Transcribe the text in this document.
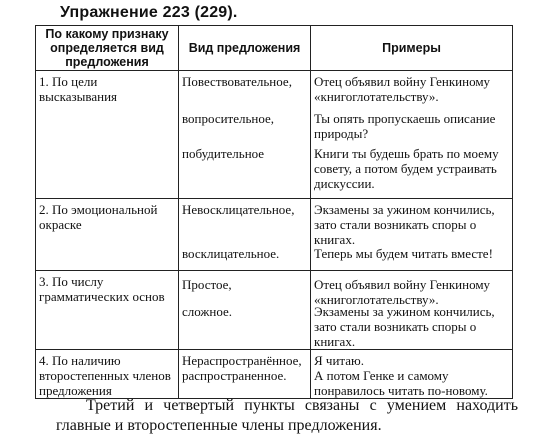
Упражнение 223 (229).
По какому признаку определяется вид предложения	Вид предложения	Примеры

1. По цели высказывания	Повествовательное,
вопросительное,
побудительное	Отец объявил войну Генкиному «книгоглотательству».
Ты опять пропускаешь описание природы?
Книги ты будешь брать по моему совету, а потом будем устраивать дискуссии.

2. По эмоциональной окраске	Невосклицательное,
восклицательное.	Экзамены за ужином кончились, зато стали возникать споры о книгах.
Теперь мы будем читать вместе!

3. По числу грамматических основ	Простое,
сложное.	Отец объявил войну Генкиному «книгоглотательству».
Экзамены за ужином кончились, зато стали возникать споры о книгах.

4. По наличию второстепенных членов предложения	Нераспространённое,
распространенное.	Я читаю.
А потом Генке и самому понравилось читать по-новому.
Третий и четвертый пункты связаны с умением находить главные и второстепенные члены предложения.
